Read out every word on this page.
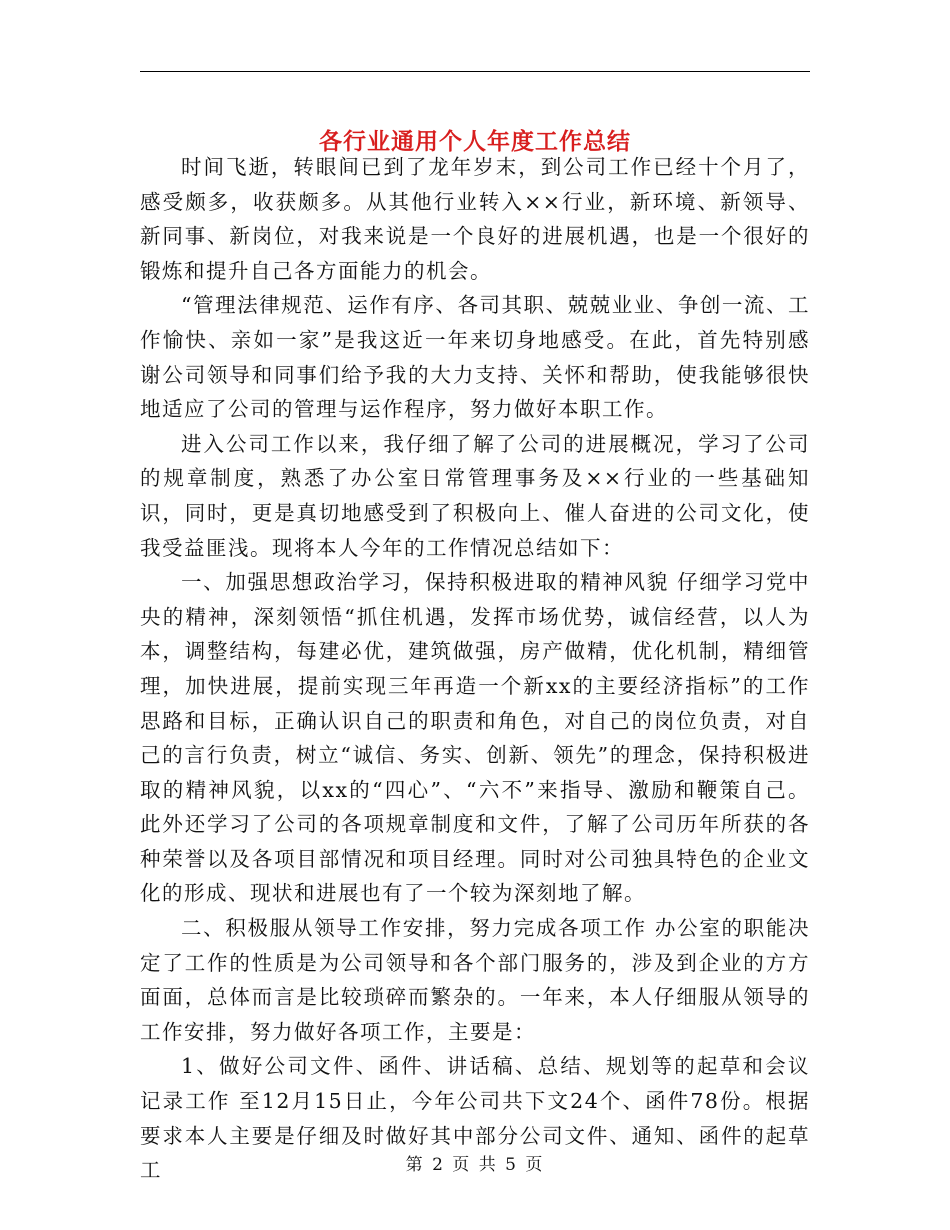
各行业通用个人年度工作总结

时间飞逝，转眼间已到了龙年岁末，到公司工作已经十个月了，感受颇多，收获颇多。从其他行业转入××行业，新环境、新领导、新同事、新岗位，对我来说是一个良好的进展机遇，也是一个很好的锻炼和提升自己各方面能力的机会。

“管理法律规范、运作有序、各司其职、兢兢业业、争创一流、工作愉快、亲如一家”是我这近一年来切身地感受。在此，首先特别感谢公司领导和同事们给予我的大力支持、关怀和帮助，使我能够很快地适应了公司的管理与运作程序，努力做好本职工作。

进入公司工作以来，我仔细了解了公司的进展概况，学习了公司的规章制度，熟悉了办公室日常管理事务及××行业的一些基础知识，同时，更是真切地感受到了积极向上、催人奋进的公司文化，使我受益匪浅。现将本人今年的工作情况总结如下：

一、加强思想政治学习，保持积极进取的精神风貌 仔细学习党中央的精神，深刻领悟“抓住机遇，发挥市场优势，诚信经营，以人为本，调整结构，每建必优，建筑做强，房产做精，优化机制，精细管理，加快进展，提前实现三年再造一个新xx的主要经济指标”的工作思路和目标，正确认识自己的职责和角色，对自己的岗位负责，对自己的言行负责，树立“诚信、务实、创新、领先”的理念，保持积极进取的精神风貌，以xx的“四心”、“六不”来指导、激励和鞭策自己。 此外还学习了公司的各项规章制度和文件，了解了公司历年所获的各种荣誉以及各项目部情况和项目经理。同时对公司独具特色的企业文化的形成、现状和进展也有了一个较为深刻地了解。

二、积极服从领导工作安排，努力完成各项工作 办公室的职能决定了工作的性质是为公司领导和各个部门服务的，涉及到企业的方方面面，总体而言是比较琐碎而繁杂的。一年来，本人仔细服从领导的工作安排，努力做好各项工作，主要是：

1、做好公司文件、函件、讲话稿、总结、规划等的起草和会议记录工作 至12月15日止，今年公司共下文24个、函件78份。根据要求本人主要是仔细及时做好其中部分公司文件、通知、函件的起草工	第 2 页 共 5 页
